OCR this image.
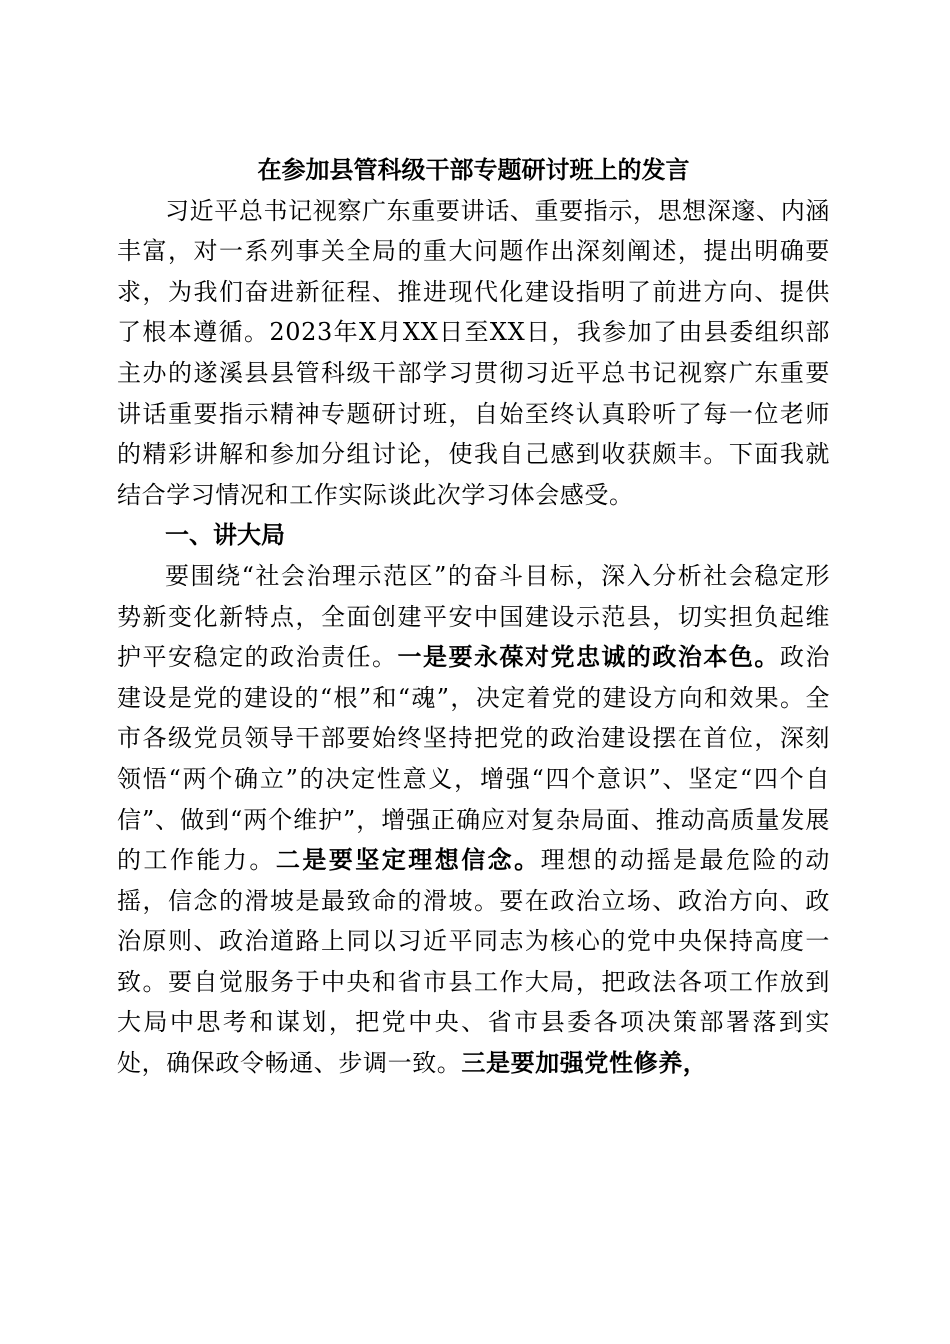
在参加县管科级干部专题研讨班上的发言

习近平总书记视察广东重要讲话、重要指示，思想深邃、内涵丰富，对一系列事关全局的重大问题作出深刻阐述，提出明确要求，为我们奋进新征程、推进现代化建设指明了前进方向、提供了根本遵循。2023年X月XX日至XX日，我参加了由县委组织部主办的遂溪县县管科级干部学习贯彻习近平总书记视察广东重要讲话重要指示精神专题研讨班，自始至终认真聆听了每一位老师的精彩讲解和参加分组讨论，使我自己感到收获颇丰。下面我就结合学习情况和工作实际谈此次学习体会感受。

一、讲大局

要围绕“社会治理示范区”的奋斗目标，深入分析社会稳定形势新变化新特点，全面创建平安中国建设示范县，切实担负起维护平安稳定的政治责任。一是要永葆对党忠诚的政治本色。政治建设是党的建设的“根”和“魂”，决定着党的建设方向和效果。全市各级党员领导干部要始终坚持把党的政治建设摆在首位，深刻领悟“两个确立”的决定性意义，增强“四个意识”、坚定“四个自信”、做到“两个维护”，增强正确应对复杂局面、推动高质量发展的工作能力。二是要坚定理想信念。理想的动摇是最危险的动摇，信念的滑坡是最致命的滑坡。要在政治立场、政治方向、政治原则、政治道路上同以习近平同志为核心的党中央保持高度一致。要自觉服务于中央和省市县工作大局，把政法各项工作放到大局中思考和谋划，把党中央、省市县委各项决策部署落到实处，确保政令畅通、步调一致。三是要加强党性修养，
